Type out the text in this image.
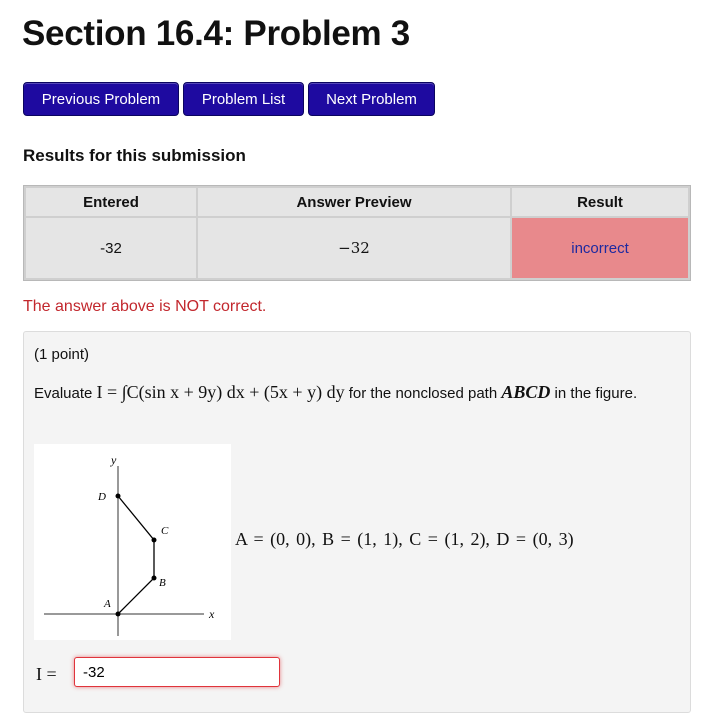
Section 16.4: Problem 3
Previous Problem	Problem List	Next Problem
Results for this submission
Entered	Answer Preview	Result
-32	−32	incorrect

The answer above is NOT correct.

(1 point)
Evaluate I = ∫C(sin x + 9y) dx + (5x + y) dy for the nonclosed path ABCD in the figure.
x
y
A
B
C
D
A = (0, 0), B = (1, 1), C = (1, 2), D = (0, 3)
I =
-32
